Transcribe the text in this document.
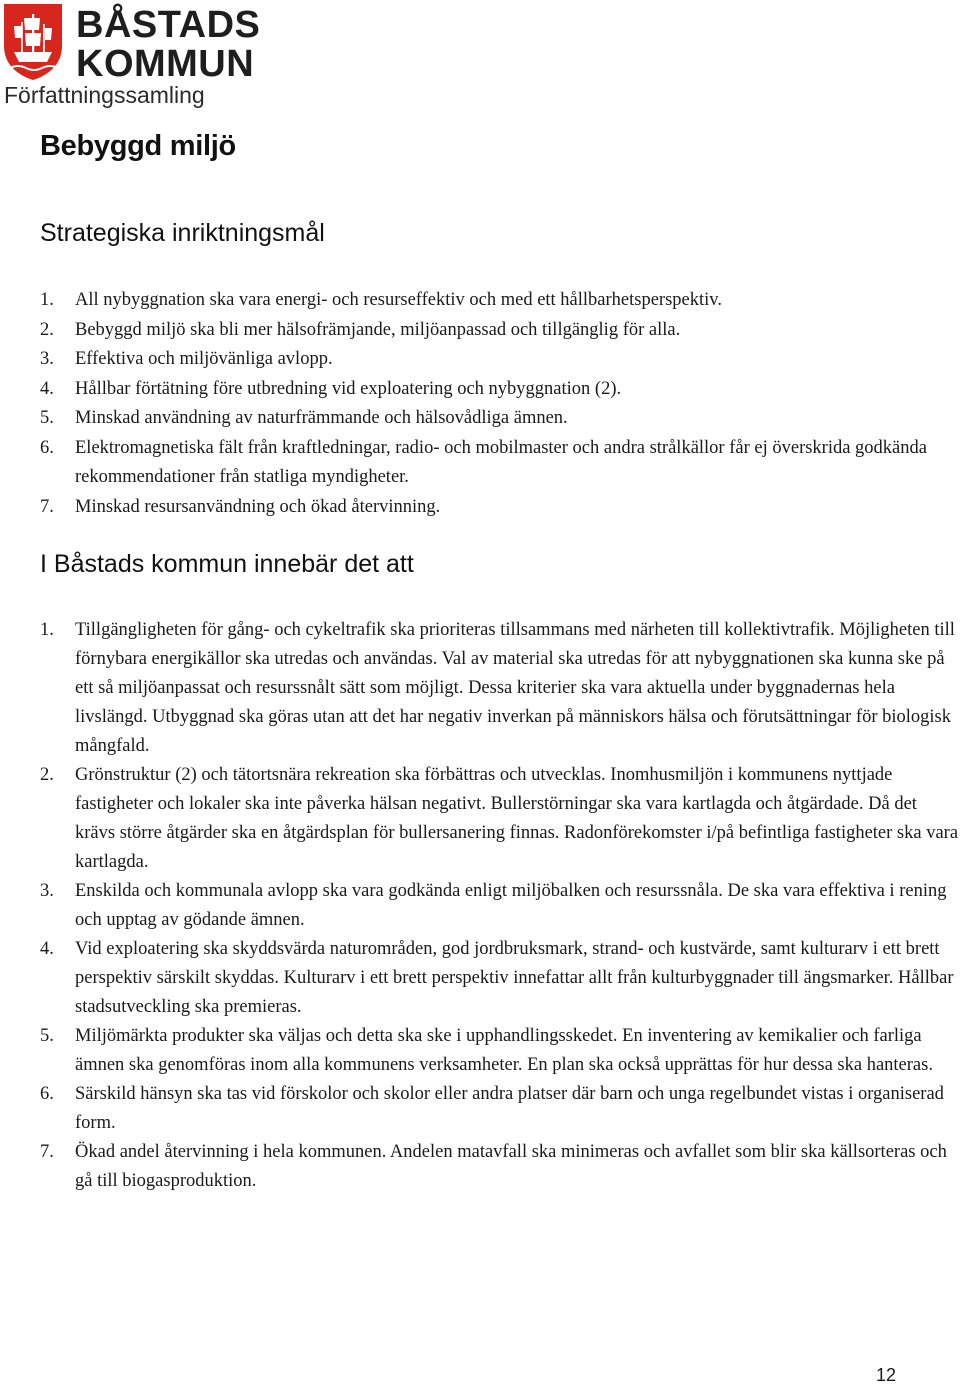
BÅSTADS
KOMMUN
Författningssamling
Bebyggd miljö
Strategiska inriktningsmål
1. All nybyggnation ska vara energi- och resurseffektiv och med ett hållbarhetsperspektiv.
2. Bebyggd miljö ska bli mer hälsofrämjande, miljöanpassad och tillgänglig för alla.
3. Effektiva och miljövänliga avlopp.
4. Hållbar förtätning före utbredning vid exploatering och nybyggnation (2).
5. Minskad användning av naturfrämmande och hälsovådliga ämnen.
6. Elektromagnetiska fält från kraftledningar, radio- och mobilmaster och andra strålkällor får ej överskrida godkända rekommendationer från statliga myndigheter.
7. Minskad resursanvändning och ökad återvinning.
I Båstads kommun innebär det att
1. Tillgängligheten för gång- och cykeltrafik ska prioriteras tillsammans med närheten till kollektivtrafik. Möjligheten till förnybara energikällor ska utredas och användas. Val av material ska utredas för att nybyggnationen ska kunna ske på ett så miljöanpassat och resurssnålt sätt som möjligt. Dessa kriterier ska vara aktuella under byggnadernas hela livslängd. Utbyggnad ska göras utan att det har negativ inverkan på människors hälsa och förutsättningar för biologisk mångfald.
2. Grönstruktur (2) och tätortsnära rekreation ska förbättras och utvecklas. Inomhusmiljön i kommunens nyttjade fastigheter och lokaler ska inte påverka hälsan negativt. Bullerstörningar ska vara kartlagda och åtgärdade. Då det krävs större åtgärder ska en åtgärdsplan för bullersanering finnas. Radonförekomster i/på befintliga fastigheter ska vara kartlagda.
3. Enskilda och kommunala avlopp ska vara godkända enligt miljöbalken och resurssnåla. De ska vara effektiva i rening och upptag av gödande ämnen.
4. Vid exploatering ska skyddsvärda naturområden, god jordbruksmark, strand- och kustvärde, samt kulturarv i ett brett perspektiv särskilt skyddas. Kulturarv i ett brett perspektiv innefattar allt från kulturbyggnader till ängsmarker. Hållbar stadsutveckling ska premieras.
5. Miljömärkta produkter ska väljas och detta ska ske i upphandlingsskedet. En inventering av kemikalier och farliga ämnen ska genomföras inom alla kommunens verksamheter. En plan ska också upprättas för hur dessa ska hanteras.
6. Särskild hänsyn ska tas vid förskolor och skolor eller andra platser där barn och unga regelbundet vistas i organiserad form.
7. Ökad andel återvinning i hela kommunen. Andelen matavfall ska minimeras och avfallet som blir ska källsorteras och gå till biogasproduktion.
12
